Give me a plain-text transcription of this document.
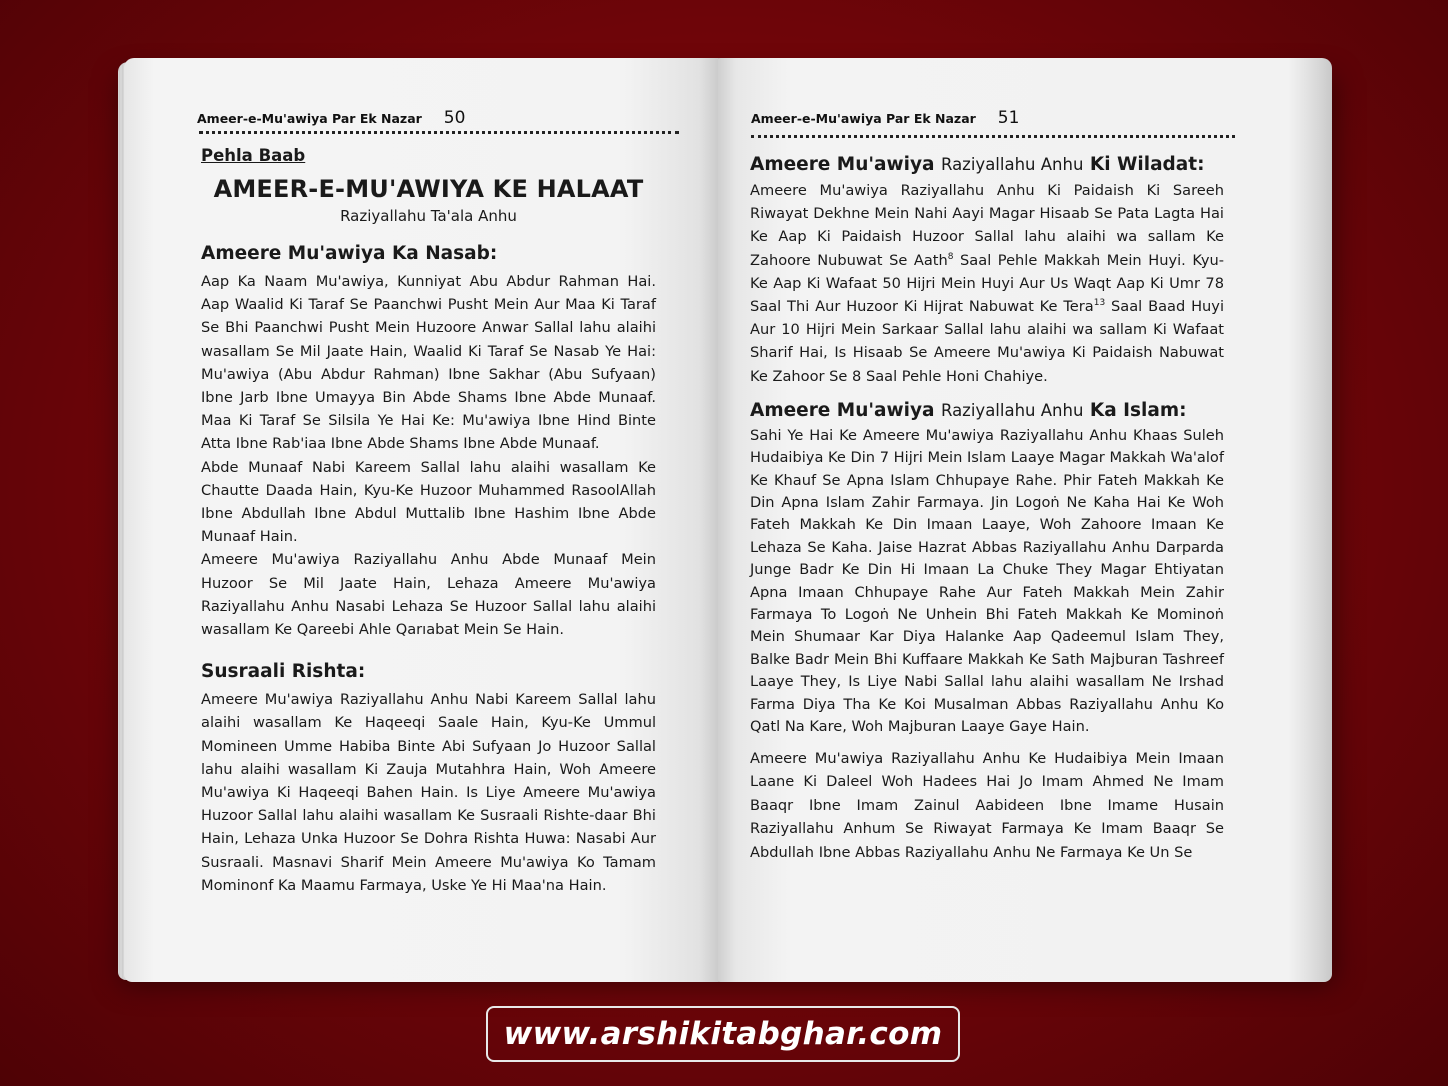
Ameer-e-Mu'awiya Par Ek Nazar 50

Pehla Baab

AMEER-E-MU'AWIYA KE HALAAT

Raziyallahu Ta'ala Anhu

Ameere Mu'awiya Ka Nasab:

Aap Ka Naam Mu'awiya, Kunniyat Abu Abdur Rahman Hai. Aap Waalid Ki Taraf Se Paanchwi Pusht Mein Aur Maa Ki Taraf Se Bhi Paanchwi Pusht Mein Huzoore Anwar Sallal lahu alaihi wasallam Se Mil Jaate Hain, Waalid Ki Taraf Se Nasab Ye Hai: Mu'awiya (Abu Abdur Rahman) Ibne Sakhar (Abu Sufyaan) Ibne Jarb Ibne Umayya Bin Abde Shams Ibne Abde Munaaf. Maa Ki Taraf Se Silsila Ye Hai Ke: Mu'awiya Ibne Hind Binte Atta Ibne Rab'iaa Ibne Abde Shams Ibne Abde Munaaf.

Abde Munaaf Nabi Kareem Sallal lahu alaihi wasallam Ke Chautte Daada Hain, Kyu-Ke Huzoor Muhammed RasoolAllah Ibne Abdullah Ibne Abdul Muttalib Ibne Hashim Ibne Abde Munaaf Hain.

Ameere Mu'awiya Raziyallahu Anhu Abde Munaaf Mein Huzoor Se Mil Jaate Hain, Lehaza Ameere Mu'awiya Raziyallahu Anhu Nasabi Lehaza Se Huzoor Sallal lahu alaihi wasallam Ke Qareebi Ahle Qarıabat Mein Se Hain.

Susraali Rishta:

Ameere Mu'awiya Raziyallahu Anhu Nabi Kareem Sallal lahu alaihi wasallam Ke Haqeeqi Saale Hain, Kyu-Ke Ummul Momineen Umme Habiba Binte Abi Sufyaan Jo Huzoor Sallal lahu alaihi wasallam Ki Zauja Mutahhra Hain, Woh Ameere Mu'awiya Ki Haqeeqi Bahen Hain. Is Liye Ameere Mu'awiya Huzoor Sallal lahu alaihi wasallam Ke Susraali Rishte-daar Bhi Hain, Lehaza Unka Huzoor Se Dohra Rishta Huwa: Nasabi Aur Susraali. Masnavi Sharif Mein Ameere Mu'awiya Ko Tamam Mominonf Ka Maamu Farmaya, Uske Ye Hi Maa'na Hain.

Ameer-e-Mu'awiya Par Ek Nazar 51

Ameere Mu'awiya Raziyallahu Anhu Ki Wiladat:

Ameere Mu'awiya Raziyallahu Anhu Ki Paidaish Ki Sareeh Riwayat Dekhne Mein Nahi Aayi Magar Hisaab Se Pata Lagta Hai Ke Aap Ki Paidaish Huzoor Sallal lahu alaihi wa sallam Ke Zahoore Nubuwat Se Aath$^8$ Saal Pehle Makkah Mein Huyi. Kyu-Ke Aap Ki Wafaat 50 Hijri Mein Huyi Aur Us Waqt Aap Ki Umr 78 Saal Thi Aur Huzoor Ki Hijrat Nabuwat Ke Tera$^{13}$ Saal Baad Huyi Aur 10 Hijri Mein Sarkaar Sallal lahu alaihi wa sallam Ki Wafaat Sharif Hai, Is Hisaab Se Ameere Mu'awiya Ki Paidaish Nabuwat Ke Zahoor Se 8 Saal Pehle Honi Chahiye.

Ameere Mu'awiya Raziyallahu Anhu Ka Islam:

Sahi Ye Hai Ke Ameere Mu'awiya Raziyallahu Anhu Khaas Suleh Hudaibiya Ke Din 7 Hijri Mein Islam Laaye Magar Makkah Wa'alof Ke Khauf Se Apna Islam Chhupaye Rahe. Phir Fateh Makkah Ke Din Apna Islam Zahir Farmaya. Jin Logoṅ Ne Kaha Hai Ke Woh Fateh Makkah Ke Din Imaan Laaye, Woh Zahoore Imaan Ke Lehaza Se Kaha. Jaise Hazrat Abbas Raziyallahu Anhu Darparda Junge Badr Ke Din Hi Imaan La Chuke They Magar Ehtiyatan Apna Imaan Chhupaye Rahe Aur Fateh Makkah Mein Zahir Farmaya To Logoṅ Ne Unhein Bhi Fateh Makkah Ke Mominoṅ Mein Shumaar Kar Diya Halanke Aap Qadeemul Islam They, Balke Badr Mein Bhi Kuffaare Makkah Ke Sath Majburan Tashreef Laaye They, Is Liye Nabi Sallal lahu alaihi wasallam Ne Irshad Farma Diya Tha Ke Koi Musalman Abbas Raziyallahu Anhu Ko Qatl Na Kare, Woh Majburan Laaye Gaye Hain.

Ameere Mu'awiya Raziyallahu Anhu Ke Hudaibiya Mein Imaan Laane Ki Daleel Woh Hadees Hai Jo Imam Ahmed Ne Imam Baaqr Ibne Imam Zainul Aabideen Ibne Imame Husain Raziyallahu Anhum Se Riwayat Farmaya Ke Imam Baaqr Se Abdullah Ibne Abbas Raziyallahu Anhu Ne Farmaya Ke Un Se

www.arshikitabghar.com
